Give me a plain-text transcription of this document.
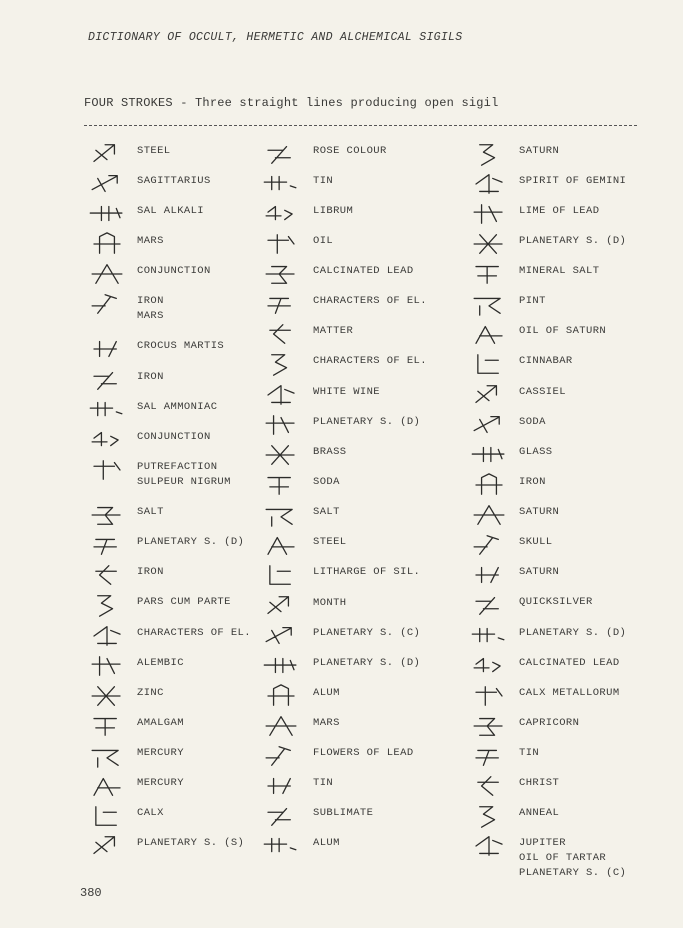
DICTIONARY OF OCCULT, HERMETIC AND ALCHEMICAL SIGILS
FOUR STROKES - Three straight lines producing open sigil
STEEL
SAGITTARIUS
SAL ALKALI
MARS
CONJUNCTION
IRON
MARS
CROCUS MARTIS
IRON
SAL AMMONIAC
CONJUNCTION
PUTREFACTION
SULPEUR NIGRUM
SALT
PLANETARY S. (D)
IRON
PARS CUM PARTE
CHARACTERS OF EL.
ALEMBIC
ZINC
AMALGAM
MERCURY
MERCURY
CALX
PLANETARY S. (S)
ROSE COLOUR
TIN
LIBRUM
OIL
CALCINATED LEAD
CHARACTERS OF EL.
MATTER
CHARACTERS OF EL.
WHITE WINE
PLANETARY S. (D)
BRASS
SODA
SALT
STEEL
LITHARGE OF SIL.
MONTH
PLANETARY S. (C)
PLANETARY S. (D)
ALUM
MARS
FLOWERS OF LEAD
TIN
SUBLIMATE
ALUM
SATURN
SPIRIT OF GEMINI
LIME OF LEAD
PLANETARY S. (D)
MINERAL SALT
PINT
OIL OF SATURN
CINNABAR
CASSIEL
SODA
GLASS
IRON
SATURN
SKULL
SATURN
QUICKSILVER
PLANETARY S. (D)
CALCINATED LEAD
CALX METALLORUM
CAPRICORN
TIN
CHRIST
ANNEAL
JUPITER
OIL OF TARTAR
PLANETARY S. (C)
380
